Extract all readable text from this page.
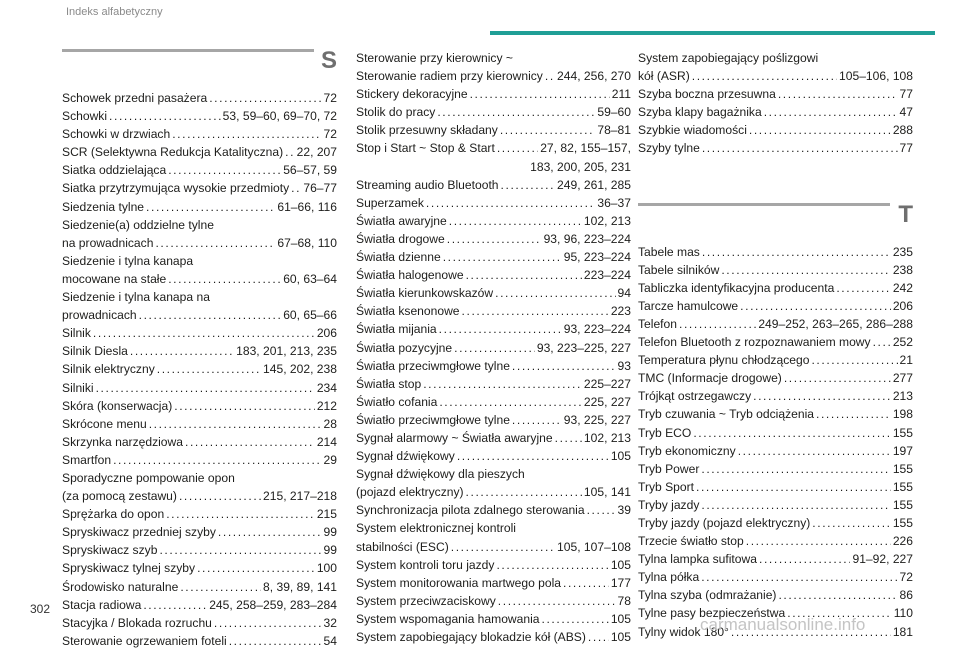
Indeks alfabetyczny
S
Schowek przedni pasażera .....	72
Schowki .....	53, 59–60, 69–70, 72
Schowki w drzwiach .....	72
SCR (Selektywna Redukcja Katalityczna) ..... 22, 207
Siatka oddzielająca .....	56–57, 59
Siatka przytrzymująca wysokie przedmioty ..... 76–77
Siedzenia tylne .....	61–66, 116
Siedzenie(a) oddzielne tylne
na prowadnicach .....	67–68, 110
Siedzenie i tylna kanapa
mocowane na stałe .....	60, 63–64
Siedzenie i tylna kanapa na
prowadnicach .....	60, 65–66
Silnik .....	206
Silnik Diesla .....	183, 201, 213, 235
Silnik elektryczny .....	145, 202, 238
Silniki .....	234
Skóra (konserwacja) .....	212
Skrócone menu .....	28
Skrzynka narzędziowa .....	214
Smartfon .....	29
Sporadyczne pompowanie opon
(za pomocą zestawu) .....	215, 217–218
Sprężarka do opon .....	215
Spryskiwacz przedniej szyby .....	99
Spryskiwacz szyb .....	99
Spryskiwacz tylnej szyby .....	100
Środowisko naturalne .....	8, 39, 89, 141
Stacja radiowa .....	245, 258–259, 283–284
Stacyjka / Blokada rozruchu .....	32
Sterowanie ogrzewaniem foteli .....	54
Sterowanie przy kierownicy ~
Sterowanie radiem przy kierownicy ..... 244, 256, 270
Stickery dekoracyjne .....	211
Stolik do pracy .....	59–60
Stolik przesuwny składany .....	78–81
Stop i Start ~ Stop & Start .....	27, 82, 155–157,
183, 200, 205, 231
Streaming audio Bluetooth .....	249, 261, 285
Superzamek .....	36–37
Światła awaryjne .....	102, 213
Światła drogowe .....	93, 96, 223–224
Światła dzienne .....	95, 223–224
Światła halogenowe .....	223–224
Światła kierunkowskazów .....	94
Światła ksenonowe .....	223
Światła mijania .....	93, 223–224
Światła pozycyjne .....	93, 223–225, 227
Światła przeciwmgłowe tylne .....	93
Światła stop .....	225–227
Światło cofania .....	225, 227
Światło przeciwmgłowe tylne .....	93, 225, 227
Sygnał alarmowy ~ Światła awaryjne .....	102, 213
Sygnał dźwiękowy .....	105
Sygnał dźwiękowy dla pieszych
(pojazd elektryczny) .....	105, 141
Synchronizacja pilota zdalnego sterowania .....	39
System elektronicznej kontroli
stabilności (ESC) .....	105, 107–108
System kontroli toru jazdy .....	105
System monitorowania martwego pola .....	177
System przeciwzaciskowy .....	78
System wspomagania hamowania .....	105
System zapobiegający blokadzie kół (ABS) ..... 105
System zapobiegający poślizgowi
kół (ASR) .....	105–106, 108
Szyba boczna przesuwna .....	77
Szyba klapy bagażnika .....	47
Szybkie wiadomości .....	288
Szyby tylne .....	77
T
Tabele mas .....	235
Tabele silników .....	238
Tabliczka identyfikacyjna producenta .....	242
Tarcze hamulcowe .....	206
Telefon .....	249–252, 263–265, 286–288
Telefon Bluetooth z rozpoznawaniem mowy ..... 252
Temperatura płynu chłodzącego .....	21
TMC (Informacje drogowe) .....	277
Trójkąt ostrzegawczy .....	213
Tryb czuwania ~ Tryb odciążenia .....	198
Tryb ECO .....	155
Tryb ekonomiczny .....	197
Tryb Power .....	155
Tryb Sport .....	155
Tryby jazdy .....	155
Tryby jazdy (pojazd elektryczny) .....	155
Trzecie światło stop .....	226
Tylna lampka sufitowa .....	91–92, 227
Tylna półka .....	72
Tylna szyba (odmrażanie) .....	86
Tylne pasy bezpieczeństwa .....	110
Tylny widok 180° .....	181
302
carmanualsonline.info
